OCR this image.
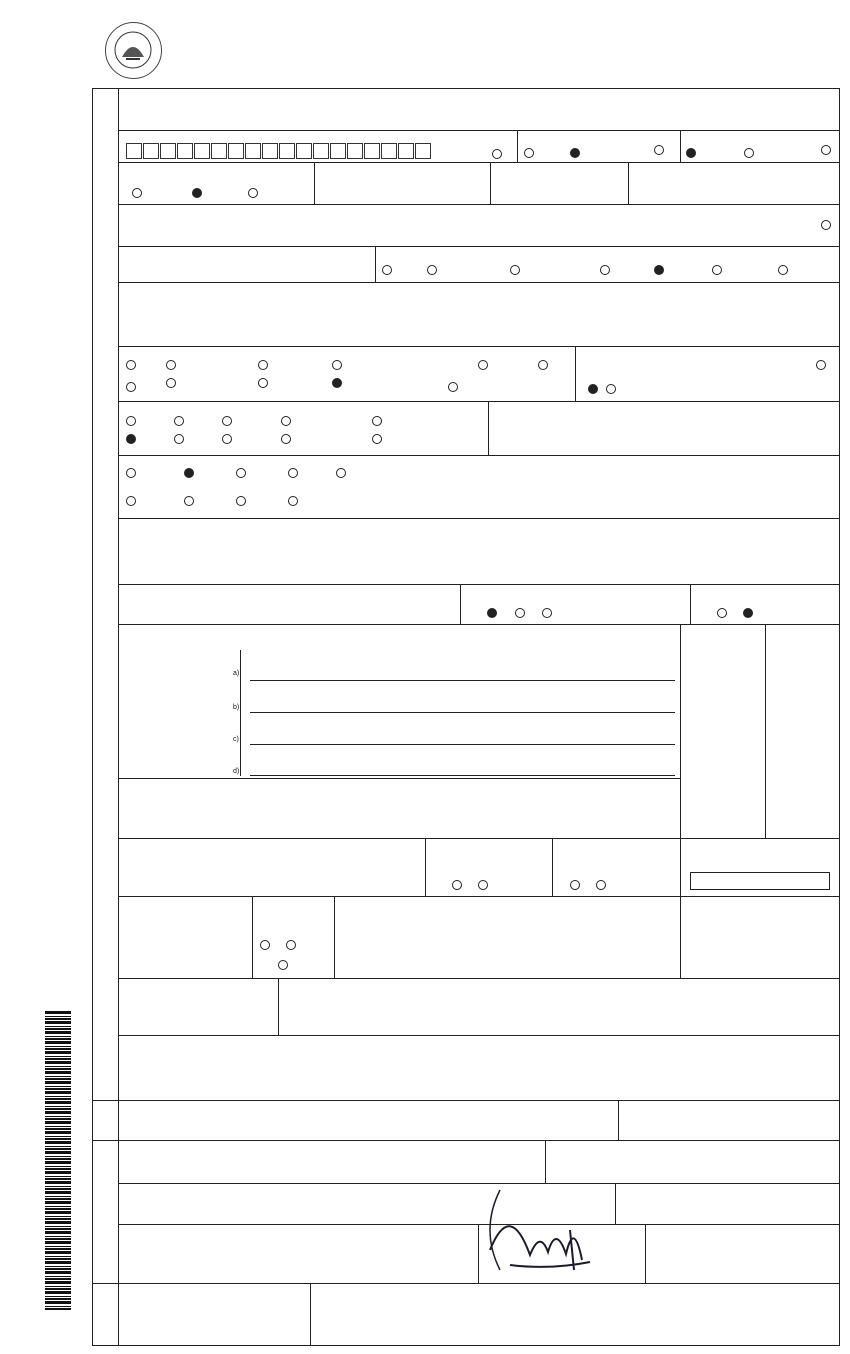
a)
b)
c)
d)
